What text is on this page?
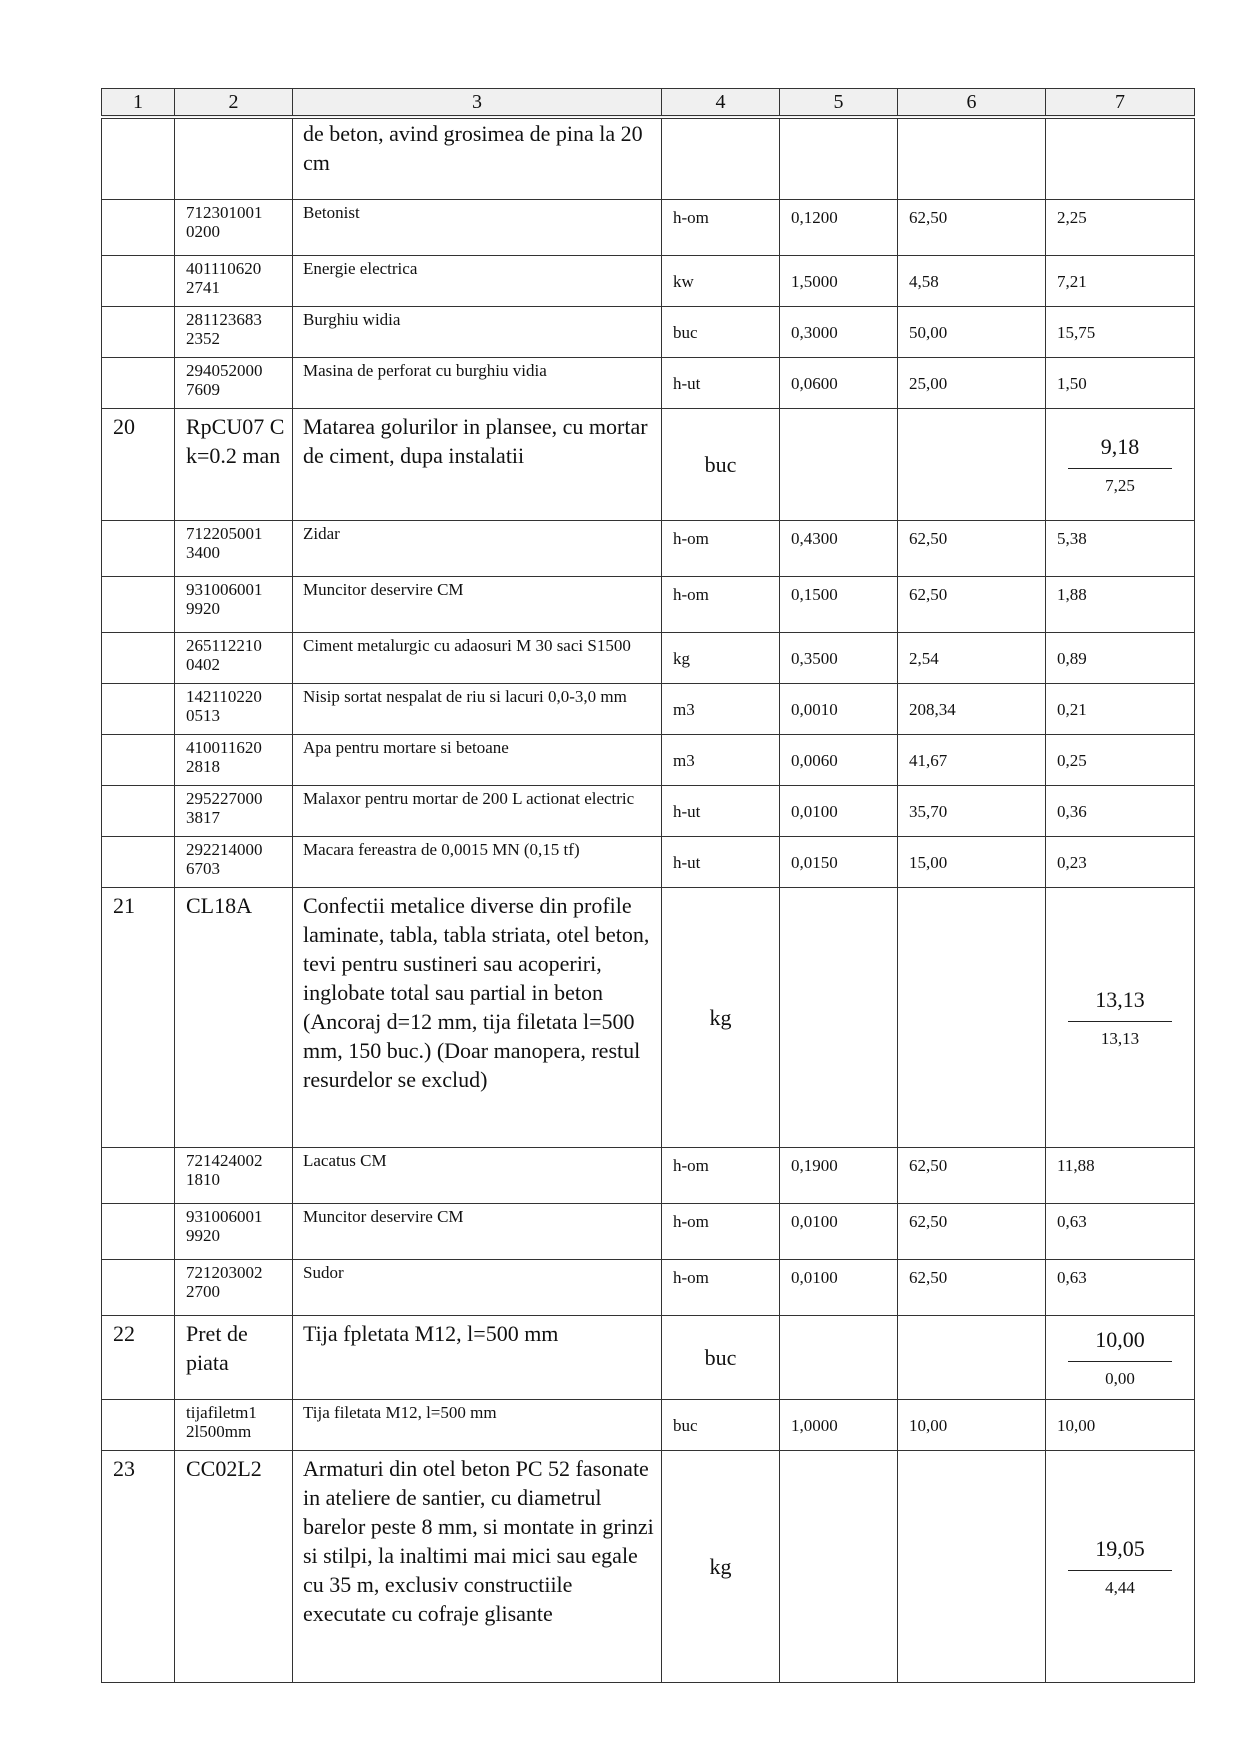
1	2	3	4	5	6	7
		de beton, avind grosimea de pina la 20 cm				
	712301001 0200	Betonist	h-om	0,1200	62,50	2,25
	401110620 2741	Energie electrica	kw	1,5000	4,58	7,21
	281123683 2352	Burghiu widia	buc	0,3000	50,00	15,75
	294052000 7609	Masina de perforat cu burghiu vidia	h-ut	0,0600	25,00	1,50
20	RpCU07 C k=0.2 man	Matarea golurilor in plansee, cu mortar de ciment, dupa instalatii	buc			$\frac{9,18}{7,25}$

	712205001 3400	Zidar	h-om	0,4300	62,50	5,38
	931006001 9920	Muncitor deservire CM	h-om	0,1500	62,50	1,88
	265112210 0402	Ciment metalurgic cu adaosuri M 30 saci S1500	kg	0,3500	2,54	0,89
	142110220 0513	Nisip sortat nespalat de riu si lacuri 0,0-3,0 mm	m3	0,0010	208,34	0,21
	410011620 2818	Apa pentru mortare si betoane	m3	0,0060	41,67	0,25
	295227000 3817	Malaxor pentru mortar de 200 L actionat electric	h-ut	0,0100	35,70	0,36
	292214000 6703	Macara fereastra de 0,0015 MN (0,15 tf)	h-ut	0,0150	15,00	0,23
21	CL18A	Confectii metalice diverse din profile laminate, tabla, tabla striata, otel beton, tevi pentru sustineri sau acoperiri, inglobate total sau partial in beton (Ancoraj d=12 mm, tija filetata l=500 mm, 150 buc.) (Doar manopera, restul resurdelor se exclud)	kg			$\frac{13,13}{13,13}$

	721424002 1810	Lacatus CM	h-om	0,1900	62,50	11,88
	931006001 9920	Muncitor deservire CM	h-om	0,0100	62,50	0,63
	721203002 2700	Sudor	h-om	0,0100	62,50	0,63
22	Pret de piata	Tija fpletata M12, l=500 mm	buc			$\frac{10,00}{0,00}$

	tijafiletm1 2l500mm	Tija filetata M12, l=500 mm	buc	1,0000	10,00	10,00
23	CC02L2	Armaturi din otel beton PC 52 fasonate in ateliere de santier, cu diametrul barelor peste 8 mm, si montate in grinzi si stilpi, la inaltimi mai mici sau egale cu 35 m, exclusiv constructiile executate cu cofraje glisante	kg			$\frac{19,05}{4,44}$
